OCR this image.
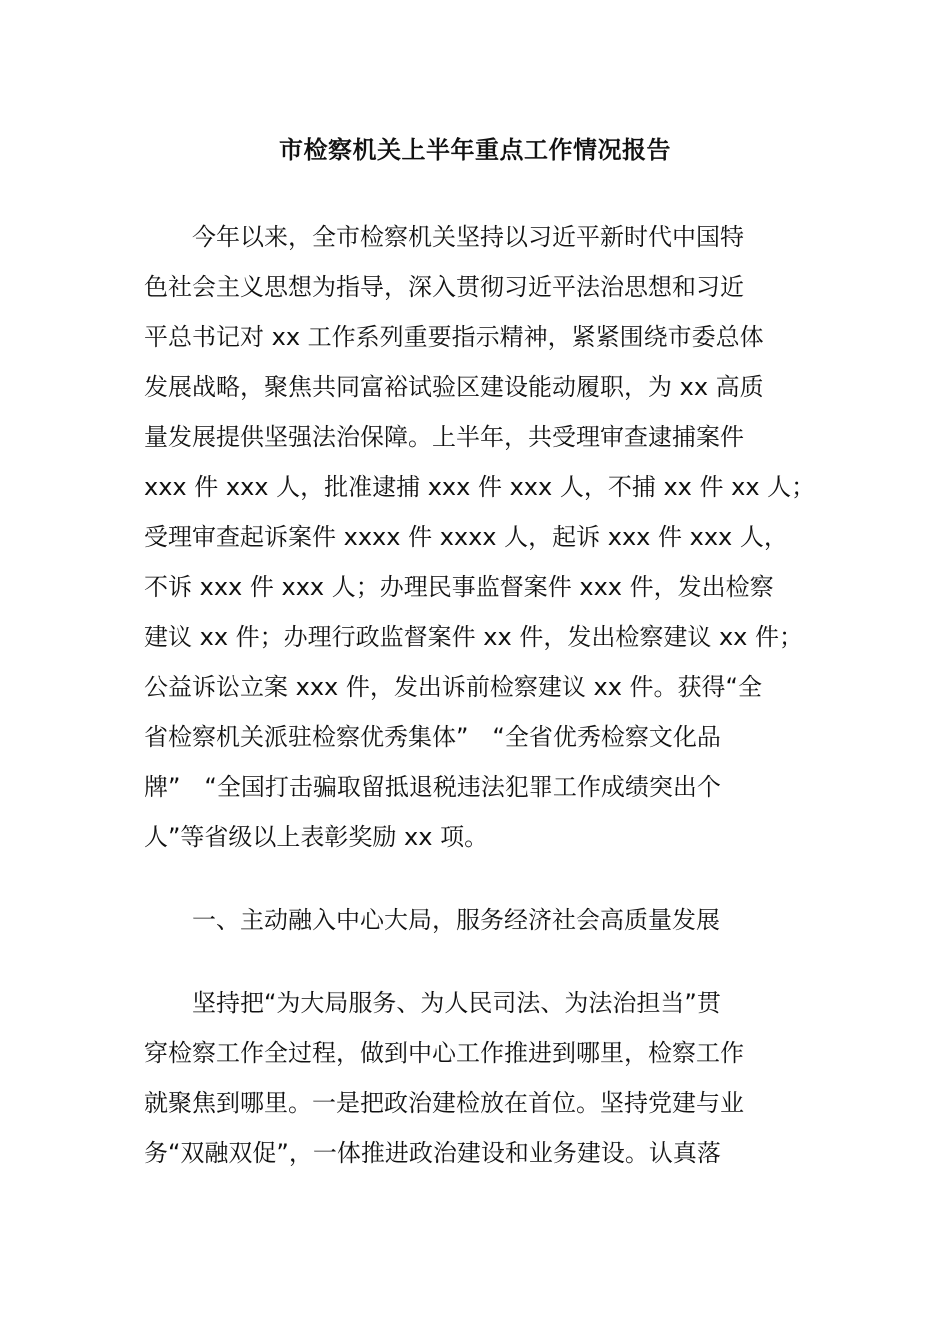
市检察机关上半年重点工作情况报告
今年以来，全市检察机关坚持以习近平新时代中国特
色社会主义思想为指导，深入贯彻习近平法治思想和习近
平总书记对 xx 工作系列重要指示精神，紧紧围绕市委总体
发展战略，聚焦共同富裕试验区建设能动履职，为 xx 高质
量发展提供坚强法治保障。上半年，共受理审查逮捕案件
xxx 件 xxx 人，批准逮捕 xxx 件 xxx 人，不捕 xx 件 xx 人；
受理审查起诉案件 xxxx 件 xxxx 人，起诉 xxx 件 xxx 人，
不诉 xxx 件 xxx 人；办理民事监督案件 xxx 件，发出检察
建议 xx 件；办理行政监督案件 xx 件，发出检察建议 xx 件；
公益诉讼立案 xxx 件，发出诉前检察建议 xx 件。获得“全
省检察机关派驻检察优秀集体”　“全省优秀检察文化品
牌”　“全国打击骗取留抵退税违法犯罪工作成绩突出个
人”等省级以上表彰奖励 xx 项。
一、主动融入中心大局，服务经济社会高质量发展
坚持把“为大局服务、为人民司法、为法治担当”贯
穿检察工作全过程，做到中心工作推进到哪里，检察工作
就聚焦到哪里。一是把政治建检放在首位。坚持党建与业
务“双融双促”，一体推进政治建设和业务建设。认真落
